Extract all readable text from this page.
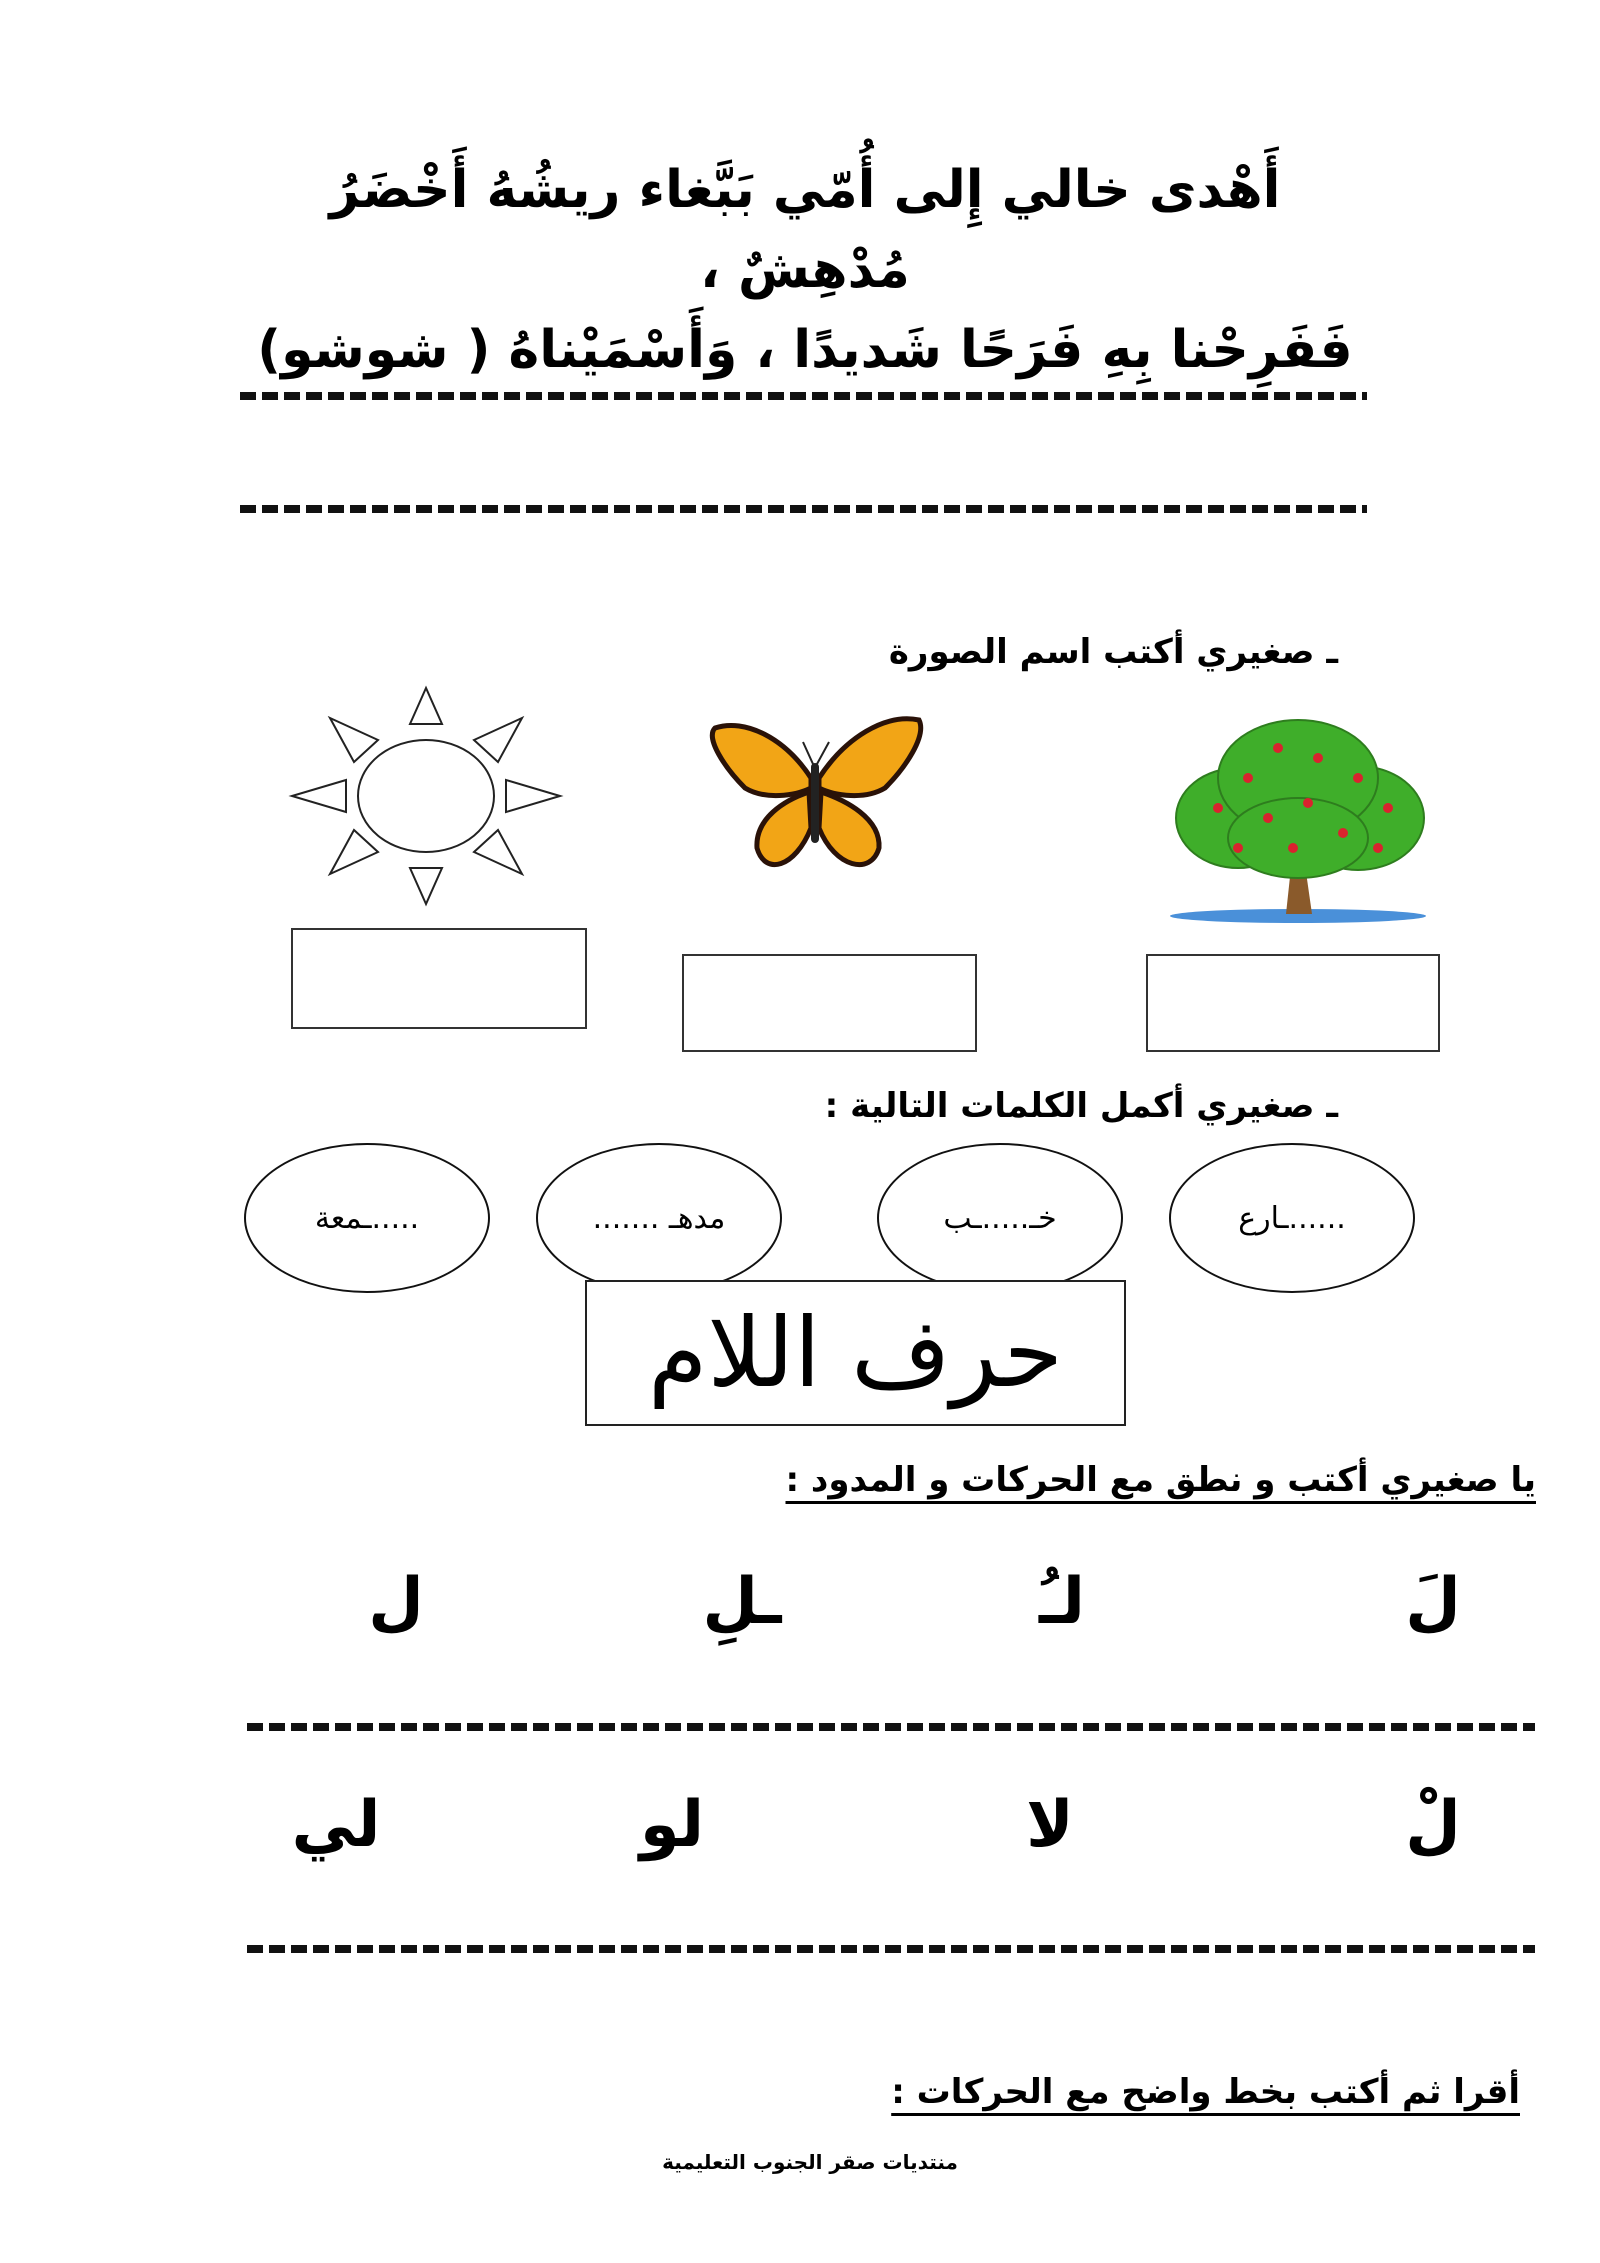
أَهْدى خالي إِلى أُمّي بَبَّغاء ريشُهُ أَخْضَرُ مُدْهِشٌ ،
فَفَرِحْنا بِهِ فَرَحًا شَديدًا ، وَأَسْمَيْناهُ ( شوشو)
ـ صغيري أكتب اسم الصورة
ـ صغيري أكمل الكلمات التالية :
......ـارع
خـ.....ـب
مدهـ .......
.....ـمعة
حرف اللام
يا صغيري أكتب و نطق مع الحركات و المدود :
لَ
لـُ
ـلِ
ل
لْ
لا
لو
لي
أقرا ثم أكتب بخط واضح مع الحركات :
منتديات صقر الجنوب التعليمية
